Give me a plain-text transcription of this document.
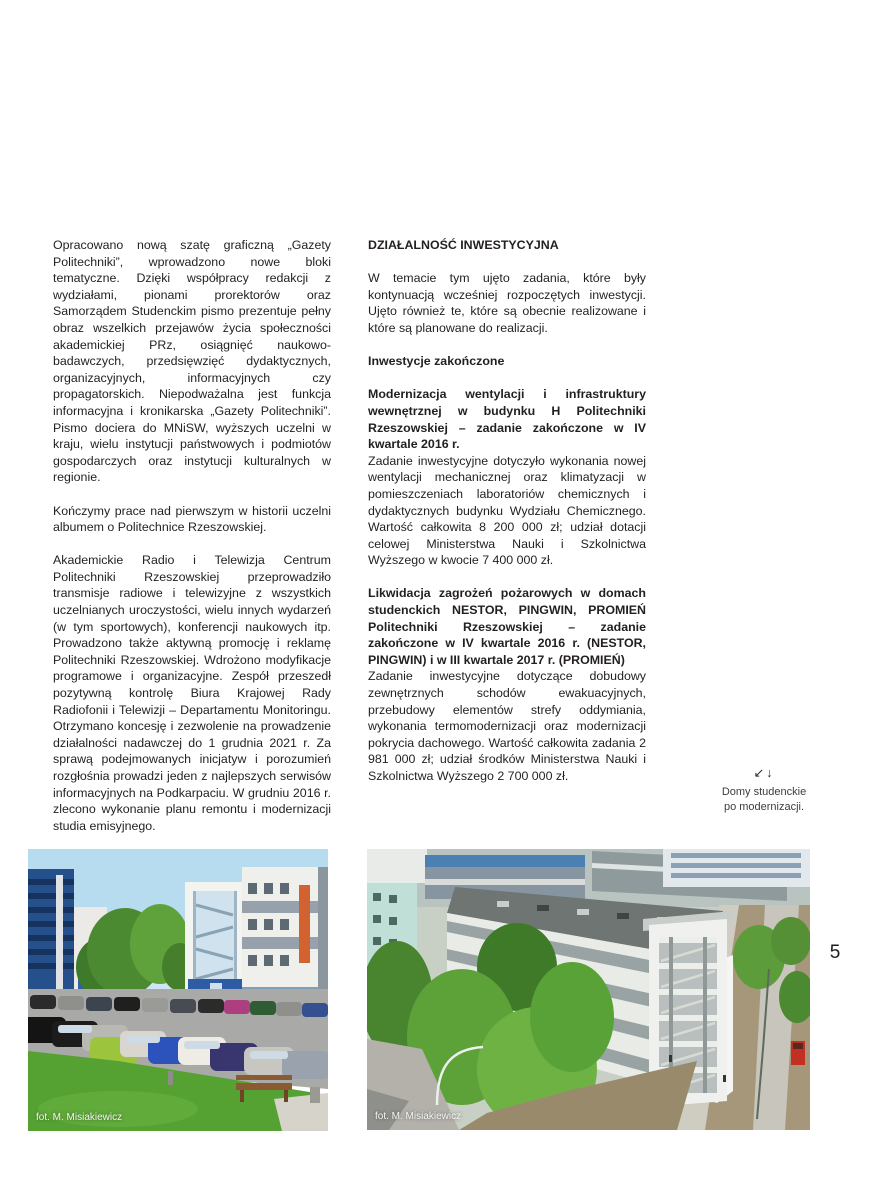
Opracowano nową szatę graficzną „Gazety Politechniki”, wprowadzono nowe bloki tematyczne. Dzięki współpracy redakcji z wydziałami, pionami prorektorów oraz Samorządem Studenckim pismo prezentuje pełny obraz wszelkich przejawów życia społeczności akademickiej PRz, osiągnięć naukowo-badawczych, przedsięwzięć dydaktycznych, organizacyjnych, informacyjnych czy propagatorskich. Niepodważalna jest funkcja informacyjna i kronikarska „Gazety Politechniki”. Pismo dociera do MNiSW, wyższych uczelni w kraju, wielu instytucji państwowych i podmiotów gospodarczych oraz instytucji kulturalnych w regionie.

Kończymy prace nad pierwszym w historii uczelni albumem o Politechnice Rzeszowskiej.

Akademickie Radio i Telewizja Centrum Politechniki Rzeszowskiej przeprowadziło transmisje radiowe i telewizyjne z wszystkich uczelnianych uroczystości, wielu innych wydarzeń (w tym sportowych), konferencji naukowych itp. Prowadzono także aktywną promocję i reklamę Politechniki Rzeszowskiej. Wdrożono modyfikacje programowe i organizacyjne. Zespół przeszedł pozytywną kontrolę Biura Krajowej Rady Radiofonii i Telewizji – Departamentu Monitoringu. Otrzymano koncesję i zezwolenie na prowadzenie działalności nadawczej do 1 grudnia 2021 r. Za sprawą podejmowanych inicjatyw i porozumień rozgłośnia prowadzi jeden z najlepszych serwisów informacyjnych na Podkarpaciu. W grudniu 2016 r. zlecono wykonanie planu remontu i modernizacji studia emisyjnego.

DZIAŁALNOŚĆ INWESTYCYJNA

W temacie tym ujęto zadania, które były kontynuacją wcześniej rozpoczętych inwestycji. Ujęto również te, które są obecnie realizowane i które są planowane do realizacji.

Inwestycje zakończone

Modernizacja wentylacji i infrastruktury wewnętrznej w budynku H Politechniki Rzeszowskiej – zadanie zakończone w IV kwartale 2016 r.

Zadanie inwestycyjne dotyczyło wykonania nowej wentylacji mechanicznej oraz klimatyzacji w pomieszczeniach laboratoriów chemicznych i dydaktycznych budynku Wydziału Chemicznego. Wartość całkowita 8 200 000 zł; udział dotacji celowej Ministerstwa Nauki i Szkolnictwa Wyższego w kwocie 7 400 000 zł.

Likwidacja zagrożeń pożarowych w domach studenckich NESTOR, PINGWIN, PROMIEŃ Politechniki Rzeszowskiej – zadanie zakończone w IV kwartale 2016 r. (NESTOR, PINGWIN) i w III kwartale 2017 r. (PROMIEŃ)

Zadanie inwestycyjne dotyczące dobudowy zewnętrznych schodów ewakuacyjnych, przebudowy elementów strefy oddymiania, wykonania termomodernizacji oraz modernizacji pokrycia dachowego. Wartość całkowita zadania 2 981 000 zł; udział środków Ministerstwa Nauki i Szkolnictwa Wyższego 2 700 000 zł.	↙↓
Domy studenckie
po modernizacji.
5
fot. M. Misiakiewicz	fot. M. Misiakiewicz
